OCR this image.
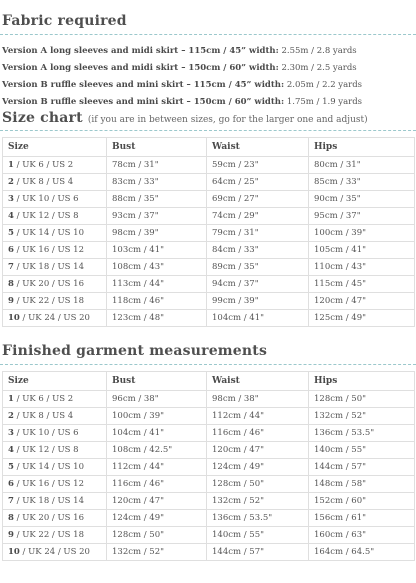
Fabric required
Version A long sleeves and midi skirt – 115cm / 45” width: 2.55m / 2.8 yards
Version A long sleeves and midi skirt – 150cm / 60” width: 2.30m / 2.5 yards
Version B ruffle sleeves and mini skirt – 115cm / 45” width: 2.05m / 2.2 yards
Version B ruffle sleeves and mini skirt – 150cm / 60” width: 1.75m / 1.9 yards
Size chart (if you are in between sizes, go for the larger one and adjust)
Size	Bust	Waist	Hips
1 / UK 6 / US 2	78cm / 31"	59cm / 23"	80cm / 31"
2 / UK 8 / US 4	83cm / 33"	64cm / 25"	85cm / 33"
3 / UK 10 / US 6	88cm / 35"	69cm / 27"	90cm / 35"
4 / UK 12 / US 8	93cm / 37"	74cm / 29"	95cm / 37"
5 / UK 14 / US 10	98cm / 39"	79cm / 31"	100cm / 39"
6 / UK 16 / US 12	103cm / 41"	84cm / 33"	105cm / 41"
7 / UK 18 / US 14	108cm / 43"	89cm / 35"	110cm / 43"
8 / UK 20 / US 16	113cm / 44"	94cm / 37"	115cm / 45"
9 / UK 22 / US 18	118cm / 46"	99cm / 39"	120cm / 47"
10 / UK 24 / US 20	123cm / 48"	104cm / 41"	125cm / 49"
Finished garment measurements
Size	Bust	Waist	Hips
1 / UK 6 / US 2	96cm / 38"	98cm / 38"	128cm / 50"
2 / UK 8 / US 4	100cm / 39"	112cm / 44"	132cm / 52"
3 / UK 10 / US 6	104cm / 41"	116cm / 46"	136cm / 53.5"
4 / UK 12 / US 8	108cm / 42.5"	120cm / 47"	140cm / 55"
5 / UK 14 / US 10	112cm / 44"	124cm / 49"	144cm / 57"
6 / UK 16 / US 12	116cm / 46"	128cm / 50"	148cm / 58"
7 / UK 18 / US 14	120cm / 47"	132cm / 52"	152cm / 60"
8 / UK 20 / US 16	124cm / 49"	136cm / 53.5"	156cm / 61"
9 / UK 22 / US 18	128cm / 50"	140cm / 55"	160cm / 63"
10 / UK 24 / US 20	132cm / 52"	144cm / 57"	164cm / 64.5"
